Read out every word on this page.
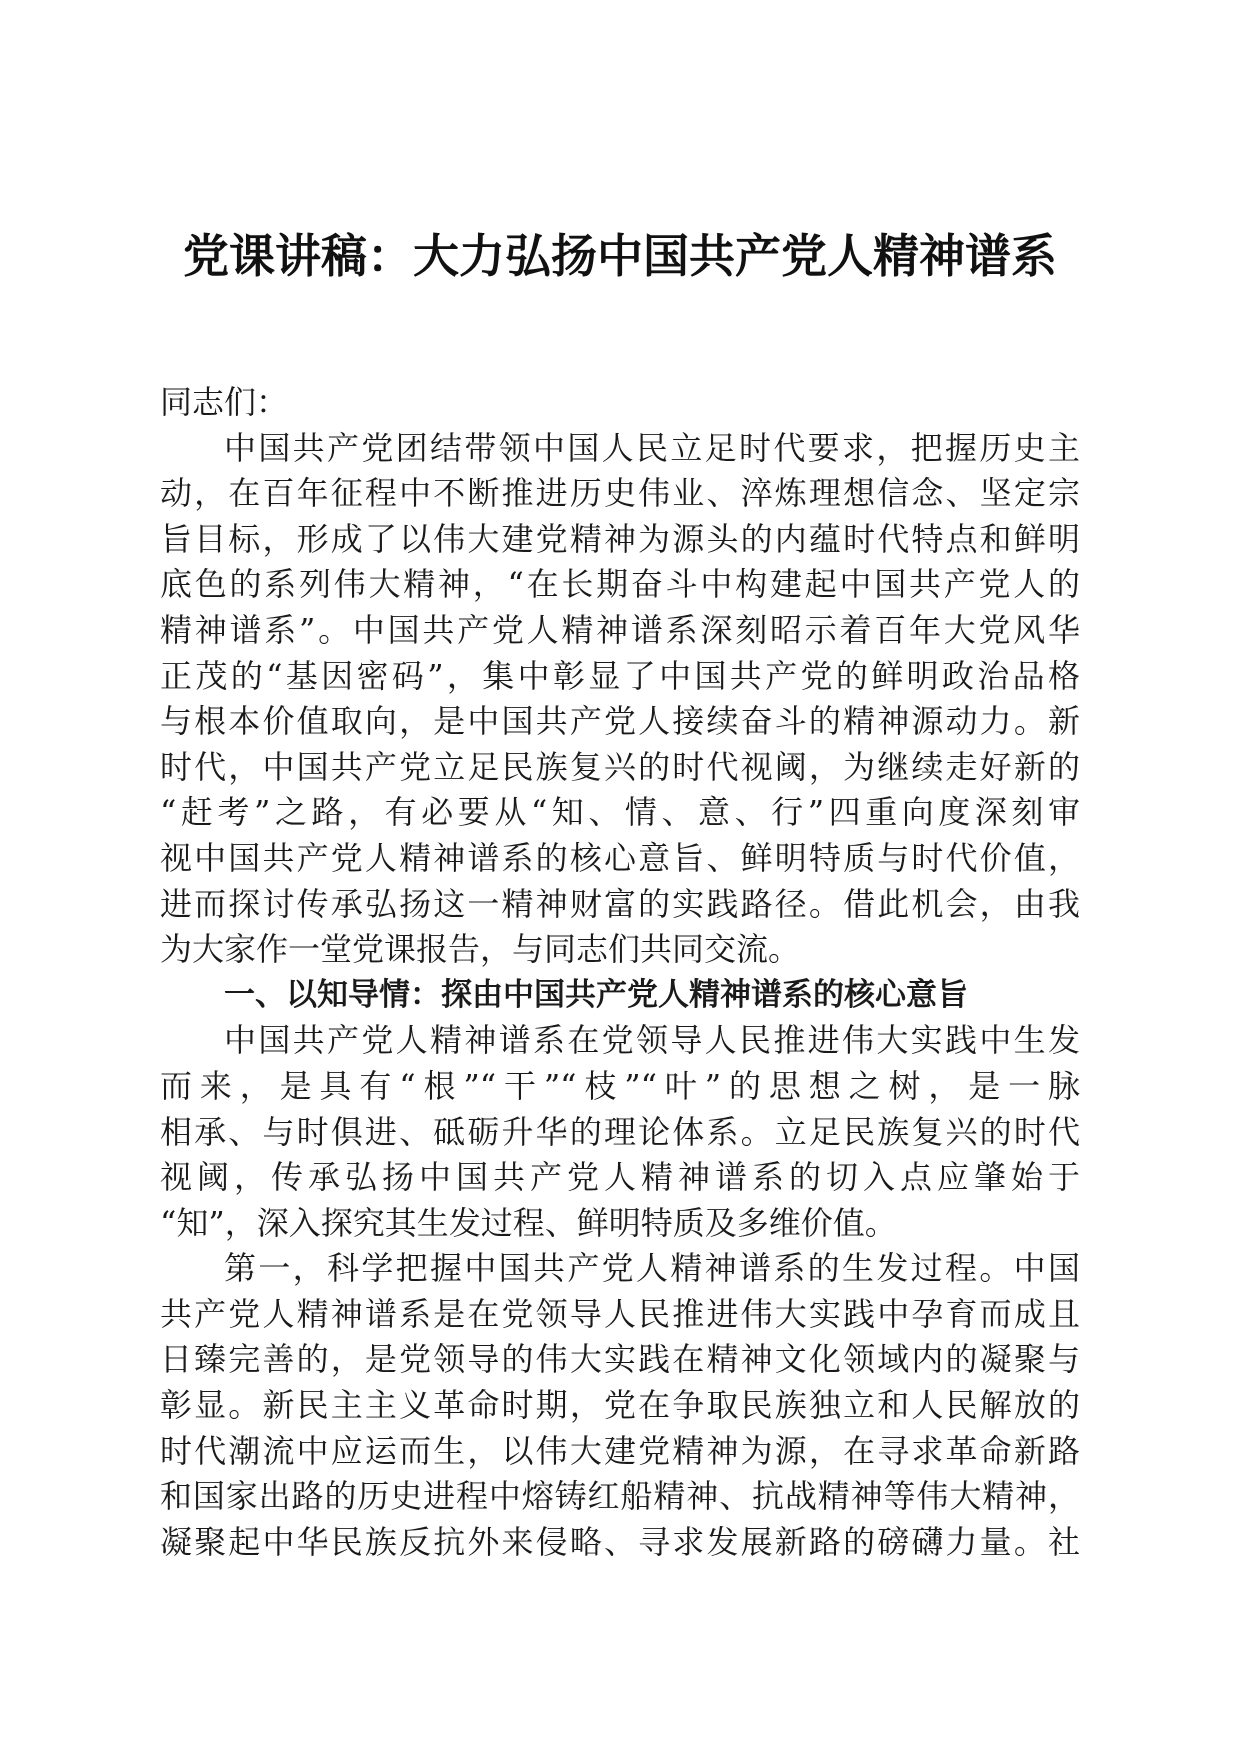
党课讲稿：大力弘扬中国共产党人精神谱系
同志们：
中国共产党团结带领中国人民立足时代要求，把握历史主
动，在百年征程中不断推进历史伟业、淬炼理想信念、坚定宗
旨目标，形成了以伟大建党精神为源头的内蕴时代特点和鲜明
底色的系列伟大精神，“在长期奋斗中构建起中国共产党人的
精神谱系”。中国共产党人精神谱系深刻昭示着百年大党风华
正茂的“基因密码”，集中彰显了中国共产党的鲜明政治品格
与根本价值取向，是中国共产党人接续奋斗的精神源动力。新
时代，中国共产党立足民族复兴的时代视阈，为继续走好新的
“赶考”之路，有必要从“知、情、意、行”四重向度深刻审
视中国共产党人精神谱系的核心意旨、鲜明特质与时代价值，
进而探讨传承弘扬这一精神财富的实践路径。借此机会，由我
为大家作一堂党课报告，与同志们共同交流。
一、以知导情：探由中国共产党人精神谱系的核心意旨
中国共产党人精神谱系在党领导人民推进伟大实践中生发
而来，是具有“根”“干”“枝”“叶”的思想之树，是一脉
相承、与时俱进、砥砺升华的理论体系。立足民族复兴的时代
视阈，传承弘扬中国共产党人精神谱系的切入点应肇始于
“知”，深入探究其生发过程、鲜明特质及多维价值。
第一，科学把握中国共产党人精神谱系的生发过程。中国
共产党人精神谱系是在党领导人民推进伟大实践中孕育而成且
日臻完善的，是党领导的伟大实践在精神文化领域内的凝聚与
彰显。新民主主义革命时期，党在争取民族独立和人民解放的
时代潮流中应运而生，以伟大建党精神为源，在寻求革命新路
和国家出路的历史进程中熔铸红船精神、抗战精神等伟大精神，
凝聚起中华民族反抗外来侵略、寻求发展新路的磅礴力量。社
